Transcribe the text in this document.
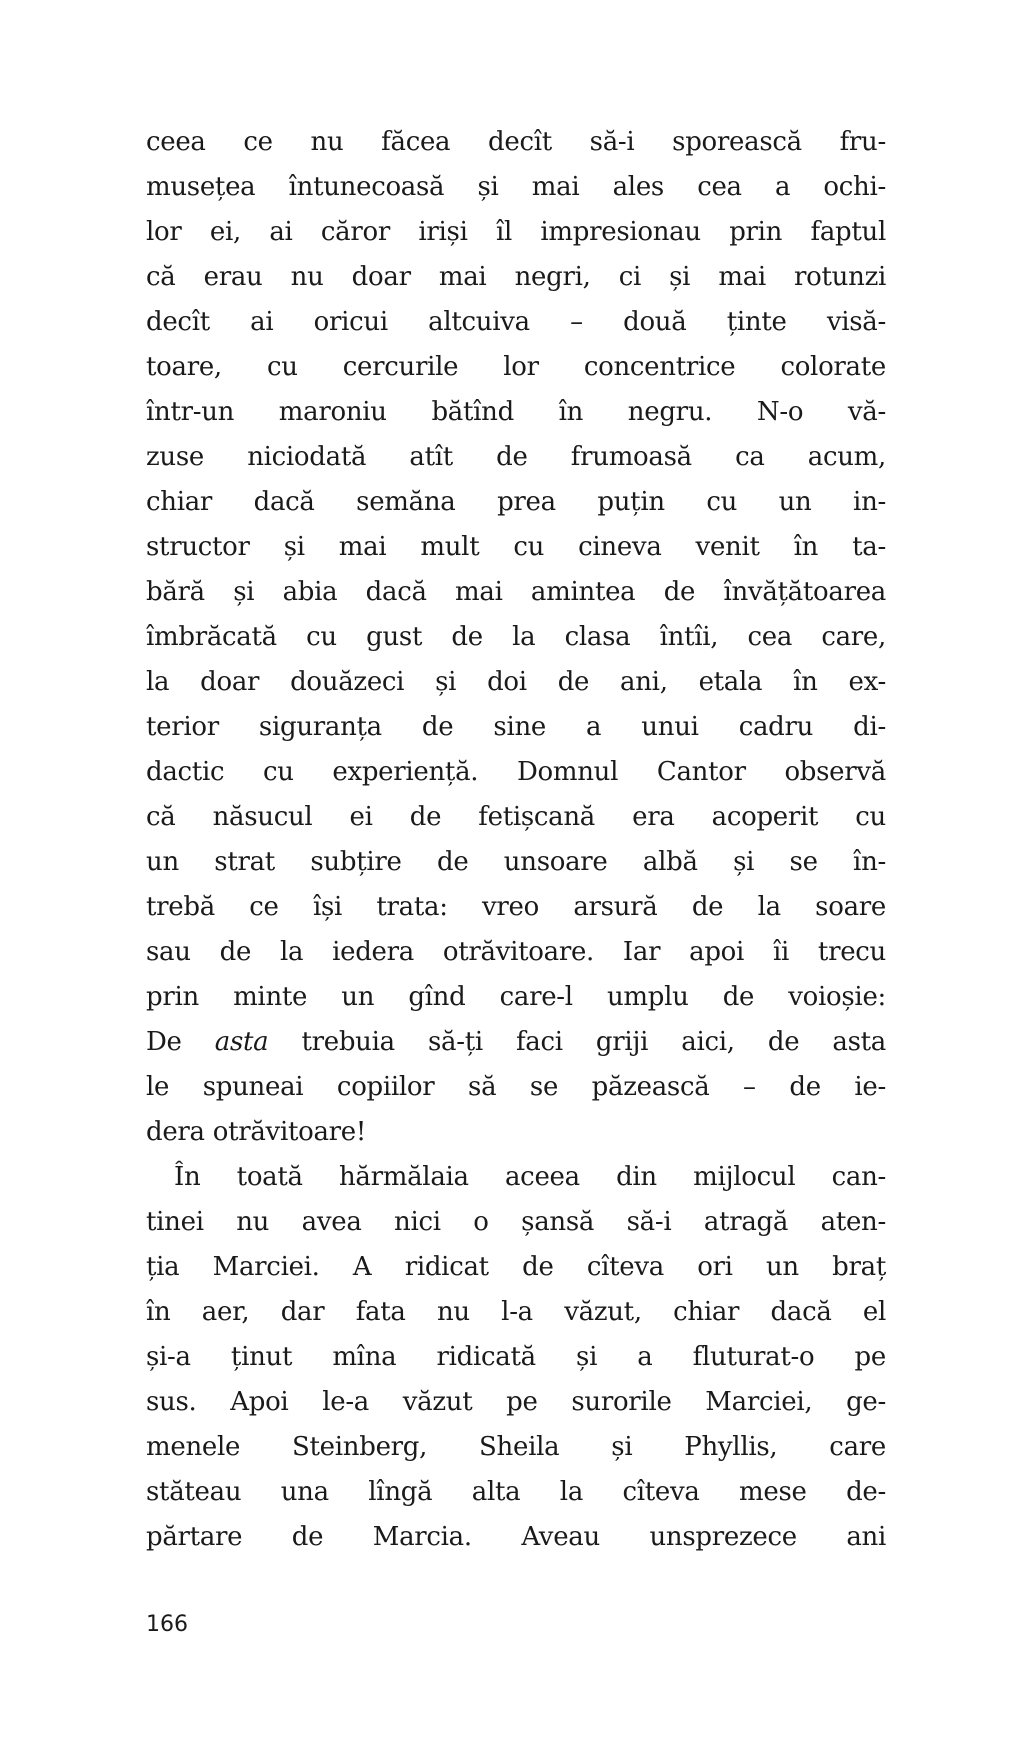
ceea ce nu făcea decît să-i sporească fru-
musețea întunecoasă și mai ales cea a ochi-
lor ei, ai căror iriși îl impresionau prin faptul
că erau nu doar mai negri, ci și mai rotunzi
decît ai oricui altcuiva – două ținte visă-
toare, cu cercurile lor concentrice colorate
într-un maroniu bătînd în negru. N-o vă-
zuse niciodată atît de frumoasă ca acum,
chiar dacă semăna prea puțin cu un in-
structor și mai mult cu cineva venit în ta-
bără și abia dacă mai amintea de învățătoarea
îmbrăcată cu gust de la clasa întîi, cea care,
la doar douăzeci și doi de ani, etala în ex-
terior siguranța de sine a unui cadru di-
dactic cu experiență. Domnul Cantor observă
că năsucul ei de fetișcană era acoperit cu
un strat subțire de unsoare albă și se în-
trebă ce își trata: vreo arsură de la soare
sau de la iedera otrăvitoare. Iar apoi îi trecu
prin minte un gînd care-l umplu de voioșie:
De asta trebuia să-ți faci griji aici, de asta
le spuneai copiilor să se păzească – de ie-
dera otrăvitoare!
În toată hărmălaia aceea din mijlocul can-
tinei nu avea nici o șansă să-i atragă aten-
ția Marciei. A ridicat de cîteva ori un braț
în aer, dar fata nu l-a văzut, chiar dacă el
și-a ținut mîna ridicată și a fluturat-o pe
sus. Apoi le-a văzut pe surorile Marciei, ge-
menele Steinberg, Sheila și Phyllis, care
stăteau una lîngă alta la cîteva mese de-
părtare de Marcia. Aveau unsprezece ani
166
